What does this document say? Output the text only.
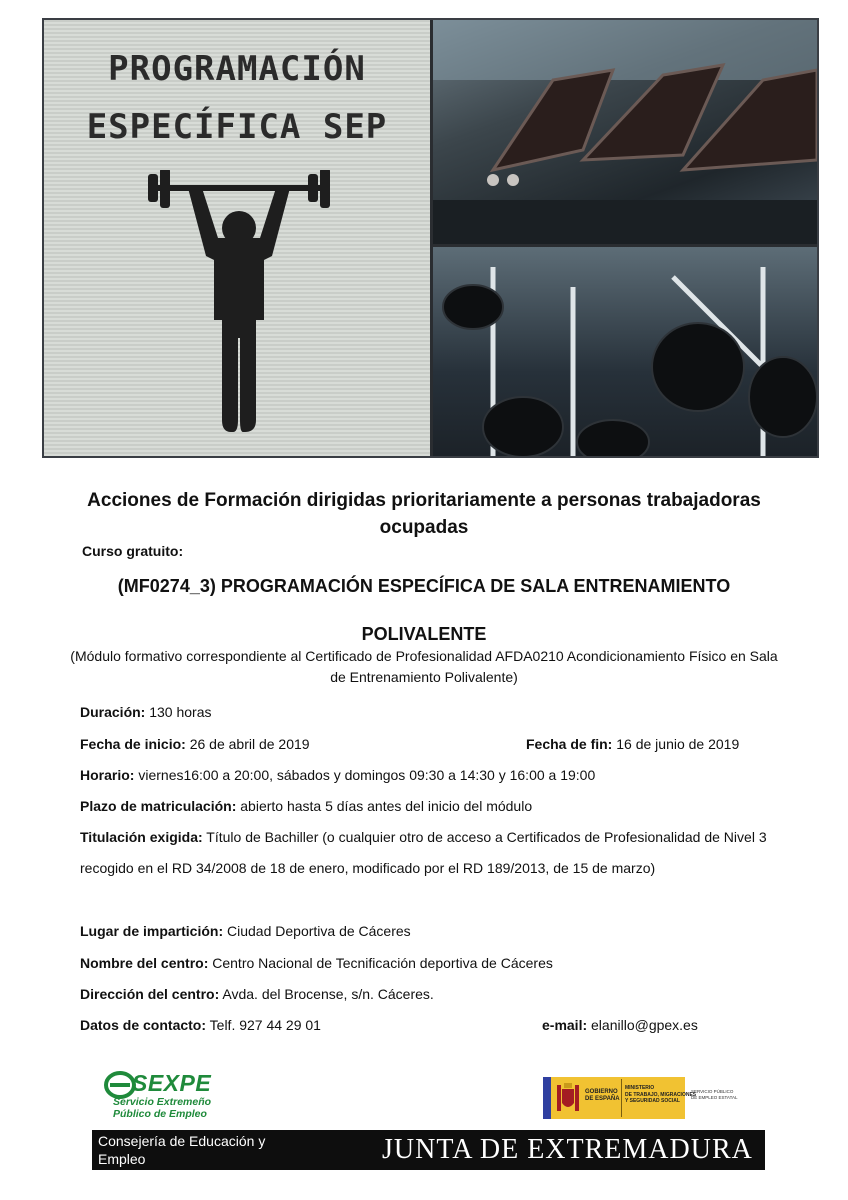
PROGRAMACIÓN
ESPECÍFICA SEP
Acciones de Formación dirigidas prioritariamente a personas trabajadoras ocupadas
Curso gratuito:
(MF0274_3) PROGRAMACIÓN ESPECÍFICA DE SALA ENTRENAMIENTO
POLIVALENTE
(Módulo formativo correspondiente al Certificado de Profesionalidad AFDA0210 Acondicionamiento Físico en Sala de Entrenamiento Polivalente)
Duración: 130 horas
Fecha de inicio: 26 de abril de 2019	Fecha de fin: 16 de junio de 2019
Horario: viernes16:00 a 20:00, sábados y domingos 09:30 a 14:30 y 16:00 a 19:00
Plazo de matriculación: abierto hasta 5 días antes del inicio del módulo
Titulación exigida: Título de Bachiller (o cualquier otro de acceso a Certificados de Profesionalidad de Nivel 3 recogido en el RD 34/2008 de 18 de enero, modificado por el RD 189/2013, de 15 de marzo)
Lugar de impartición: Ciudad Deportiva de Cáceres
Nombre del centro: Centro Nacional de Tecnificación deportiva de Cáceres
Dirección del centro: Avda. del Brocense, s/n. Cáceres.
Datos de contacto: Telf. 927 44 29 01	e-mail: elanillo@gpex.es
SEXPE
Servicio Extremeño
Público de Empleo
GOBIERNO
DE ESPAÑA
MINISTERIO
DE TRABAJO, MIGRACIONES
Y SEGURIDAD SOCIAL
SERVICIO PÚBLICO
DE EMPLEO ESTATAL
Consejería de Educación y
Empleo	JUNTA DE EXTREMADURA
